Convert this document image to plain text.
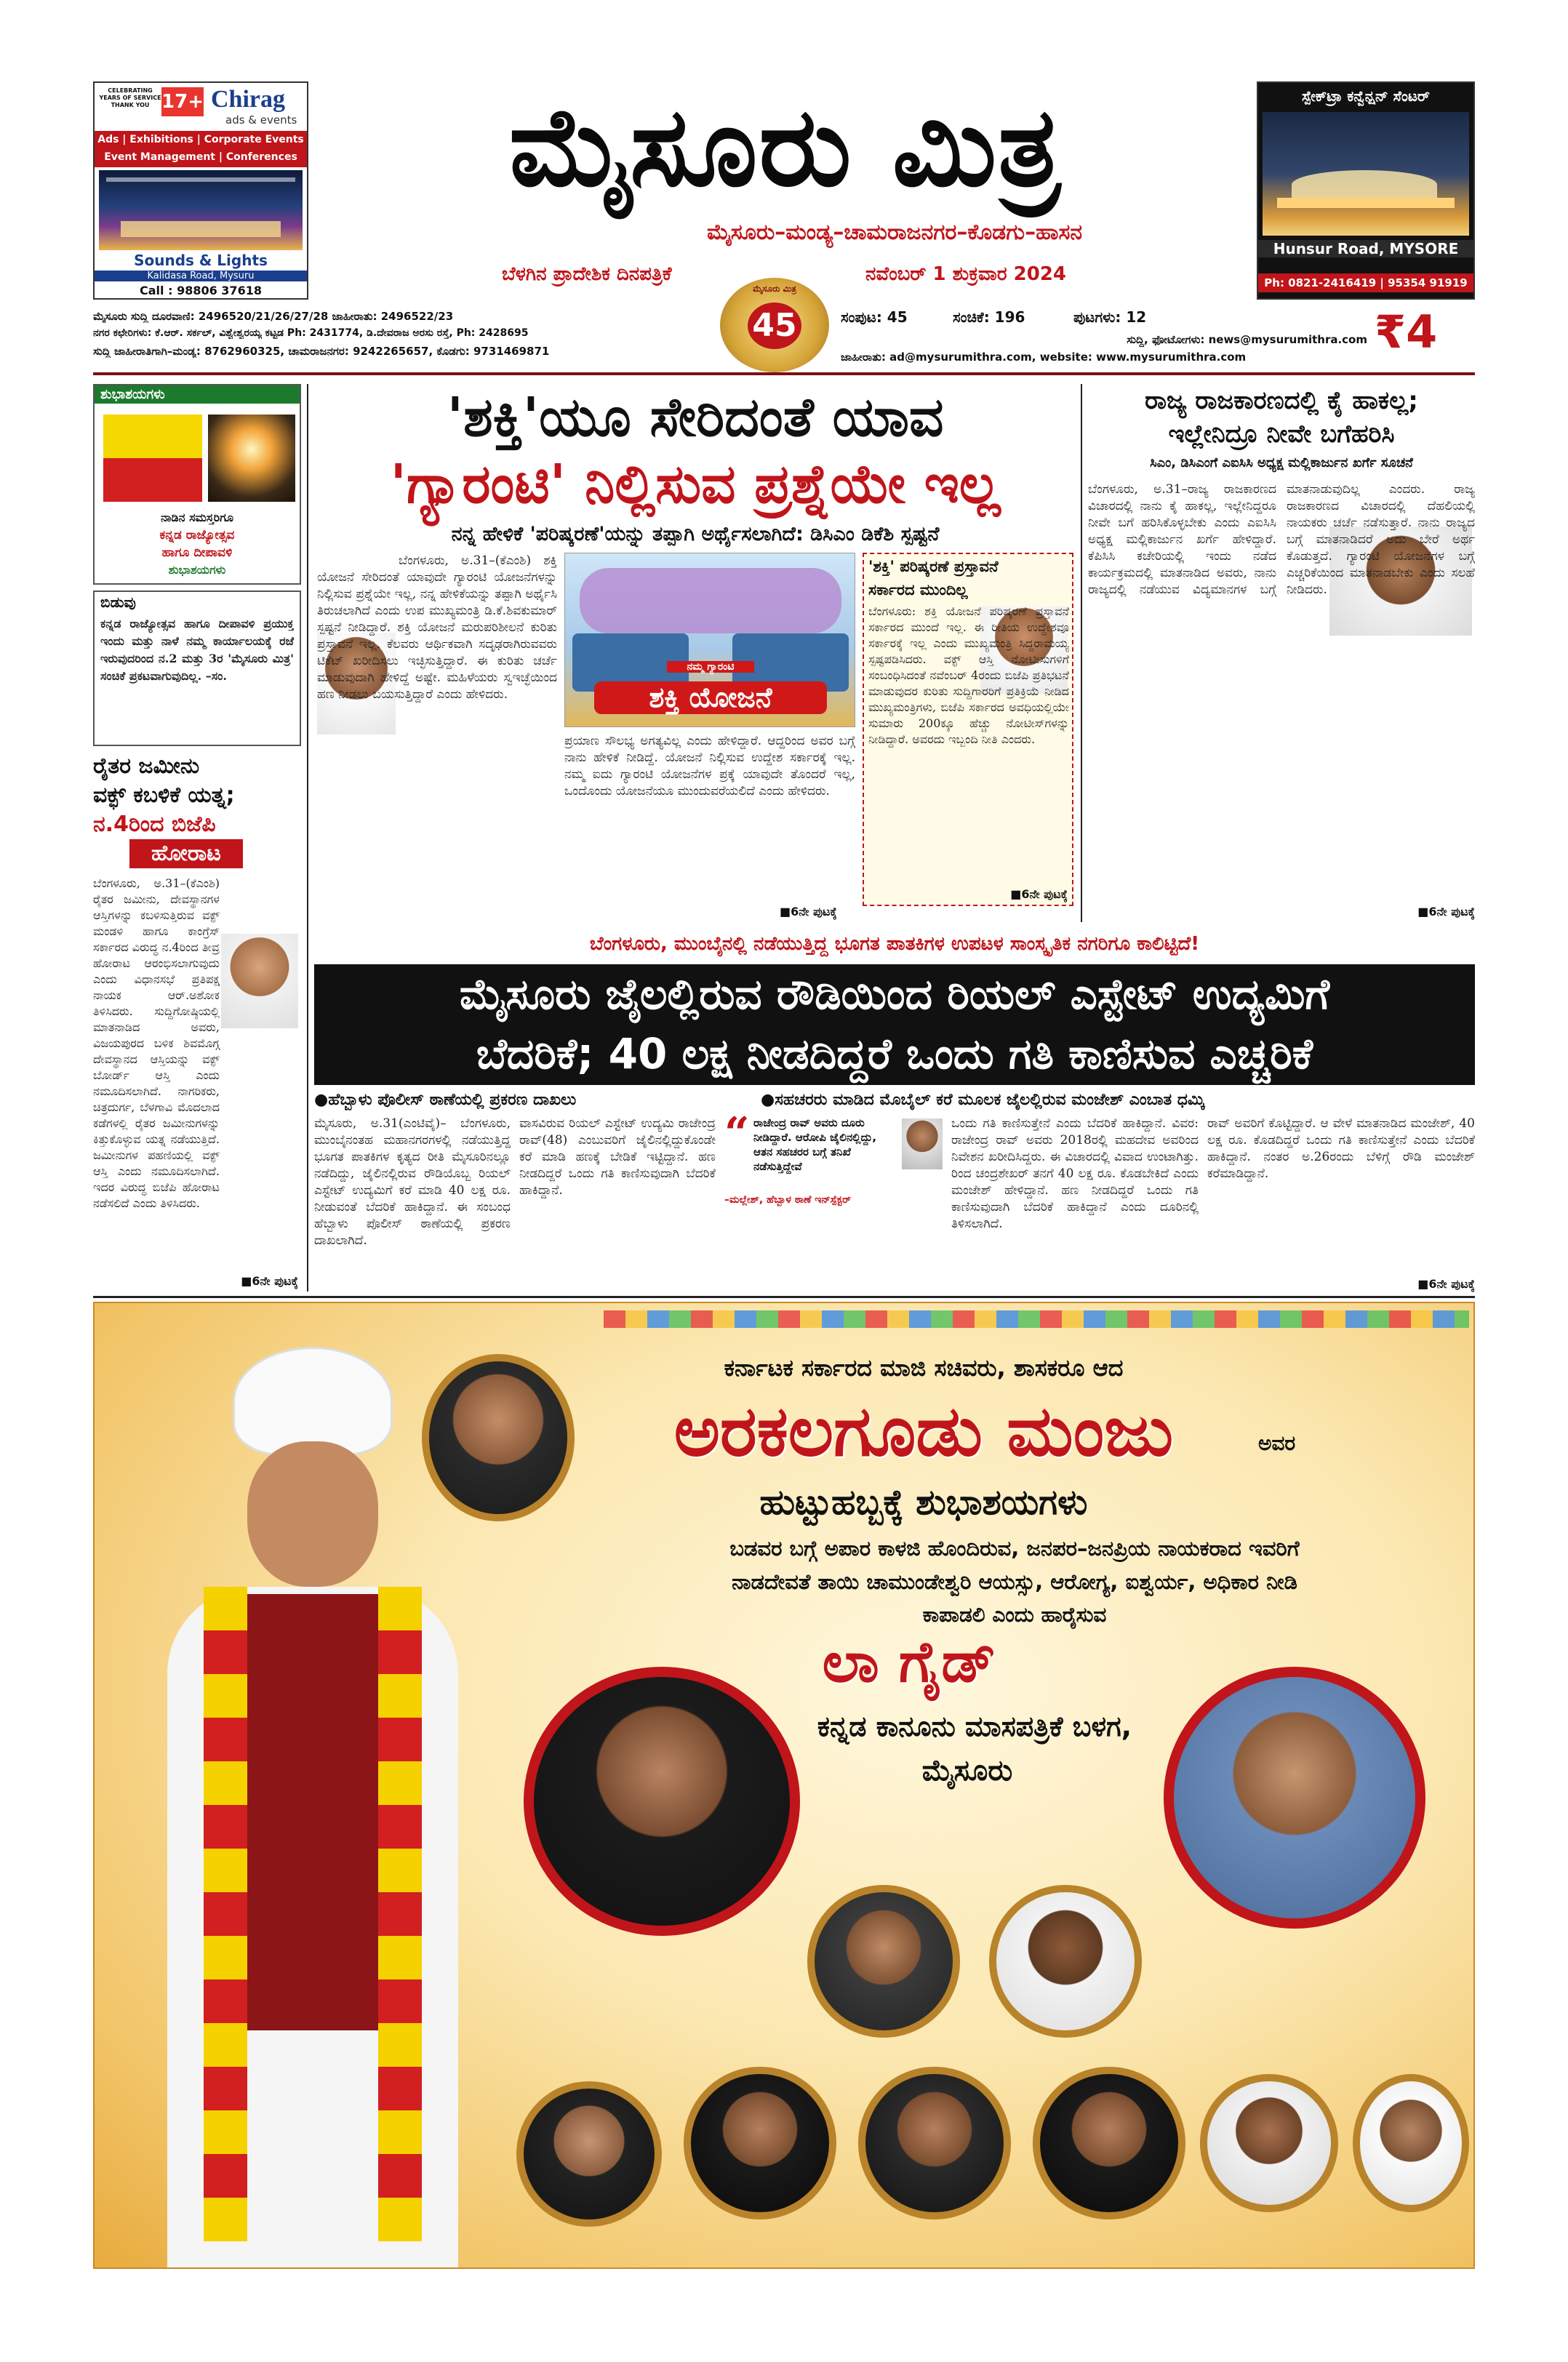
CELEBRATING YEARS OF SERVICE THANK YOU 17+ Chirag
ads & events
Ads | Exhibitions | Corporate Events
Event Management | Conferences
Sounds & Lights
Kalidasa Road, Mysuru
Call : 98806 37618
ಮೈಸೂರು ಮಿತ್ರ
ಮೈಸೂರು–ಮಂಡ್ಯ–ಚಾಮರಾಜನಗರ–ಕೊಡಗು–ಹಾಸನ
ಬೆಳಗಿನ ಪ್ರಾದೇಶಿಕ ದಿನಪತ್ರಿಕೆ	ನವೆಂಬರ್ 1 ಶುಕ್ರವಾರ 2024
ಮೈಸೂರು ಮಿತ್ರ
45
ಸ್ಪೇಕ್‌ಟ್ರಾ ಕನ್ವೆನ್ಷನ್ ಸೆಂಟರ್
Hunsur Road, MYSORE
Ph: 0821-2416419 | 95354 91919
ಮೈಸೂರು ಸುದ್ದಿ ದೂರವಾಣಿ: 2496520/21/26/27/28 ಜಾಹೀರಾತು: 2496522/23
ನಗರ ಕಛೇರಿಗಳು: ಕೆ.ಆರ್. ಸರ್ಕಲ್, ವಿಶ್ವೇಶ್ವರಯ್ಯ ಕಟ್ಟಡ Ph: 2431774, ಡಿ.ದೇವರಾಜ ಅರಸು ರಸ್ತೆ, Ph: 2428695
ಸುದ್ದಿ ಜಾಹೀರಾತಿಗಾಗಿ–ಮಂಡ್ಯ: 8762960325, ಚಾಮರಾಜನಗರ: 9242265657, ಕೊಡಗು: 9731469871
ಸಂಪುಟ: 45	ಸಂಚಿಕೆ: 196	ಪುಟಗಳು: 12	₹4
ಸುದ್ದಿ, ಫೋಟೋಗಳು: news@mysurumithra.com
ಜಾಹೀರಾತು: ad@mysurumithra.com, website: www.mysurumithra.com
ಶುಭಾಶಯಗಳು
ನಾಡಿನ ಸಮಸ್ತರಿಗೂ
ಕನ್ನಡ ರಾಜ್ಯೋತ್ಸವ
ಹಾಗೂ ದೀಪಾವಳಿ
ಶುಭಾಶಯಗಳು
ಬಿಡುವು
ಕನ್ನಡ ರಾಜ್ಯೋತ್ಸವ ಹಾಗೂ ದೀಪಾವಳಿ ಪ್ರಯುಕ್ತ ಇಂದು ಮತ್ತು ನಾಳೆ ನಮ್ಮ ಕಾರ್ಯಾಲಯಕ್ಕೆ ರಜೆ ಇರುವುದರಿಂದ ನ.2 ಮತ್ತು 3ರ 'ಮೈಸೂರು ಮಿತ್ರ' ಸಂಚಿಕೆ ಪ್ರಕಟವಾಗುವುದಿಲ್ಲ. –ಸಂ.
ರೈತರ ಜಮೀನು
ವಕ್ಫ್ ಕಬಳಿಕೆ ಯತ್ನ;
ನ.4ರಿಂದ ಬಿಜೆಪಿ
ಹೋರಾಟ
ಬೆಂಗಳೂರು, ಅ.31–(ಕೆಎಂಶಿ) ರೈತರ ಜಮೀನು, ದೇವಸ್ಥಾನಗಳ ಆಸ್ತಿಗಳನ್ನು ಕಬಳಿಸುತ್ತಿರುವ ವಕ್ಫ್ ಮಂಡಳಿ ಹಾಗೂ ಕಾಂಗ್ರೆಸ್ ಸರ್ಕಾರದ ವಿರುದ್ಧ ನ.4ರಿಂದ ತೀವ್ರ ಹೋರಾಟ ಆರಂಭಿಸಲಾಗುವುದು ಎಂದು ವಿಧಾನಸಭೆ ಪ್ರತಿಪಕ್ಷ ನಾಯಕ ಆರ್.ಅಶೋಕ ತಿಳಿಸಿದರು. ಸುದ್ದಿಗೋಷ್ಠಿಯಲ್ಲಿ ಮಾತನಾಡಿದ ಅವರು, ವಿಜಯಪುರದ ಬಳಿಕ ಶಿವಮೊಗ್ಗ ದೇವಸ್ಥಾನದ ಆಸ್ತಿಯನ್ನು ವಕ್ಫ್ ಬೋರ್ಡ್ ಆಸ್ತಿ ಎಂದು ನಮೂದಿಸಲಾಗಿದೆ. ನಾಗರಿಕರು, ಚಿತ್ರದುರ್ಗ, ಬೆಳಗಾವಿ ಮೊದಲಾದ ಕಡೆಗಳಲ್ಲಿ ರೈತರ ಜಮೀನುಗಳನ್ನು ಕಿತ್ತುಕೊಳ್ಳುವ ಯತ್ನ ನಡೆಯುತ್ತಿದೆ. ಜಮೀನುಗಳ ಪಹಣಿಯಲ್ಲಿ ವಕ್ಫ್ ಆಸ್ತಿ ಎಂದು ನಮೂದಿಸಲಾಗಿದೆ. ಇದರ ವಿರುದ್ಧ ಬಿಜೆಪಿ ಹೋರಾಟ ನಡೆಸಲಿದೆ ಎಂದು ತಿಳಿಸಿದರು.
■6ನೇ ಪುಟಕ್ಕೆ
'ಶಕ್ತಿ'ಯೂ ಸೇರಿದಂತೆ ಯಾವ
'ಗ್ಯಾರಂಟಿ' ನಿಲ್ಲಿಸುವ ಪ್ರಶ್ನೆಯೇ ಇಲ್ಲ
ನನ್ನ ಹೇಳಿಕೆ 'ಪರಿಷ್ಕರಣೆ'ಯನ್ನು ತಪ್ಪಾಗಿ ಅರ್ಥೈಸಲಾಗಿದೆ: ಡಿಸಿಎಂ ಡಿಕೆಶಿ ಸ್ಪಷ್ಟನೆ
ಬೆಂಗಳೂರು, ಅ.31–(ಕೆಎಂಶಿ) ಶಕ್ತಿ ಯೋಜನೆ ಸೇರಿದಂತೆ ಯಾವುದೇ ಗ್ಯಾರಂಟಿ ಯೋಜನೆಗಳನ್ನು ನಿಲ್ಲಿಸುವ ಪ್ರಶ್ನೆಯೇ ಇಲ್ಲ, ನನ್ನ ಹೇಳಿಕೆಯನ್ನು ತಪ್ಪಾಗಿ ಅರ್ಥೈಸಿ ತಿರುಚಲಾಗಿದೆ ಎಂದು ಉಪ ಮುಖ್ಯಮಂತ್ರಿ ಡಿ.ಕೆ.ಶಿವಕುಮಾರ್ ಸ್ಪಷ್ಟನೆ ನೀಡಿದ್ದಾರೆ. ಶಕ್ತಿ ಯೋಜನೆ ಮರುಪರಿಶೀಲನೆ ಕುರಿತು ಪ್ರಸ್ತಾವನೆ ಇಲ್ಲ. ಕೆಲವರು ಆರ್ಥಿಕವಾಗಿ ಸದೃಢರಾಗಿರುವವರು ಟಿಕೆಟ್ ಖರೀದಿಸಲು ಇಚ್ಛಿಸುತ್ತಿದ್ದಾರೆ. ಈ ಕುರಿತು ಚರ್ಚೆ ಮಾಡುವುದಾಗಿ ಹೇಳಿದ್ದೆ ಅಷ್ಟೇ. ಮಹಿಳೆಯರು ಸ್ವಇಚ್ಛೆಯಿಂದ ಹಣ ನೀಡಲು ಬಯಸುತ್ತಿದ್ದಾರೆ ಎಂದು ಹೇಳಿದರು.
ನಮ್ಮ ಗ್ಯಾರಂಟಿ
ಶಕ್ತಿ ಯೋಜನೆ
ಪ್ರಯಾಣ ಸೌಲಭ್ಯ ಅಗತ್ಯವಿಲ್ಲ ಎಂದು ಹೇಳಿದ್ದಾರೆ. ಆದ್ದರಿಂದ ಅವರ ಬಗ್ಗೆ ನಾನು ಹೇಳಿಕೆ ನೀಡಿದ್ದೆ. ಯೋಜನೆ ನಿಲ್ಲಿಸುವ ಉದ್ದೇಶ ಸರ್ಕಾರಕ್ಕೆ ಇಲ್ಲ. ನಮ್ಮ ಐದು ಗ್ಯಾರಂಟಿ ಯೋಜನೆಗಳ ಪ್ರಕ್ಕೆ ಯಾವುದೇ ತೊಂದರೆ ಇಲ್ಲ, ಒಂದೊಂದು ಯೋಜನೆಯೂ ಮುಂದುವರೆಯಲಿದೆ ಎಂದು ಹೇಳಿದರು.
'ಶಕ್ತಿ' ಪರಿಷ್ಕರಣೆ ಪ್ರಸ್ತಾವನೆ
ಸರ್ಕಾರದ ಮುಂದಿಲ್ಲ
ಬೆಂಗಳೂರು: ಶಕ್ತಿ ಯೋಜನೆ ಪರಿಷ್ಕರಣೆ ಪ್ರಸ್ತಾವನೆ ಸರ್ಕಾರದ ಮುಂದೆ ಇಲ್ಲ. ಈ ರೀತಿಯ ಉದ್ದೇಶವೂ ಸರ್ಕಾರಕ್ಕೆ ಇಲ್ಲ ಎಂದು ಮುಖ್ಯಮಂತ್ರಿ ಸಿದ್ದರಾಮಯ್ಯ ಸ್ಪಷ್ಟಪಡಿಸಿದರು. ವಕ್ಫ್ ಆಸ್ತಿ ನೋಟೀಸುಗಳಿಗೆ ಸಂಬಂಧಿಸಿದಂತೆ ನವೆಂಬರ್ 4ರಂದು ಬಿಜೆಪಿ ಪ್ರತಿಭಟನೆ ಮಾಡುವುದರ ಕುರಿತು ಸುದ್ದಿಗಾರರಿಗೆ ಪ್ರತಿಕ್ರಿಯೆ ನೀಡಿದ ಮುಖ್ಯಮಂತ್ರಿಗಳು, ಬಿಜೆಪಿ ಸರ್ಕಾರದ ಅವಧಿಯಲ್ಲಿಯೇ ಸುಮಾರು 200ಕ್ಕೂ ಹೆಚ್ಚು ನೋಟೀಸ್‌ಗಳನ್ನು ನೀಡಿದ್ದಾರೆ. ಅವರದು ಇಬ್ಬಂದಿ ನೀತಿ ಎಂದರು.
■6ನೇ ಪುಟಕ್ಕೆ
■6ನೇ ಪುಟಕ್ಕೆ
ರಾಜ್ಯ ರಾಜಕಾರಣದಲ್ಲಿ ಕೈ ಹಾಕಲ್ಲ;
ಇಲ್ಲೇನಿದ್ರೂ ನೀವೇ ಬಗೆಹರಿಸಿ
ಸಿಎಂ, ಡಿಸಿಎಂಗೆ ಎಐಸಿಸಿ ಅಧ್ಯಕ್ಷ ಮಲ್ಲಿಕಾರ್ಜುನ ಖರ್ಗೆ ಸೂಚನೆ
ಬೆಂಗಳೂರು, ಅ.31–ರಾಜ್ಯ ರಾಜಕಾರಣದ ವಿಚಾರದಲ್ಲಿ ನಾನು ಕೈ ಹಾಕಲ್ಲ, ಇಲ್ಲೇನಿದ್ದರೂ ನೀವೇ ಬಗೆ ಹರಿಸಿಕೊಳ್ಳಬೇಕು ಎಂದು ಎಐಸಿಸಿ ಅಧ್ಯಕ್ಷ ಮಲ್ಲಿಕಾರ್ಜುನ ಖರ್ಗೆ ಹೇಳಿದ್ದಾರೆ. ಕೆಪಿಸಿಸಿ ಕಚೇರಿಯಲ್ಲಿ ಇಂದು ನಡೆದ ಕಾರ್ಯಕ್ರಮದಲ್ಲಿ ಮಾತನಾಡಿದ ಅವರು, ನಾನು ರಾಜ್ಯದಲ್ಲಿ ನಡೆಯುವ ವಿದ್ಯಮಾನಗಳ ಬಗ್ಗೆ ಮಾತನಾಡುವುದಿಲ್ಲ ಎಂದರು. ರಾಜ್ಯ ರಾಜಕಾರಣದ ವಿಚಾರದಲ್ಲಿ ದೆಹಲಿಯಲ್ಲಿ ನಾಯಕರು ಚರ್ಚೆ ನಡೆಸುತ್ತಾರೆ. ನಾನು ರಾಜ್ಯದ ಬಗ್ಗೆ ಮಾತನಾಡಿದರೆ ಅದು ಬೇರೆ ಅರ್ಥ ಕೊಡುತ್ತದೆ. ಗ್ಯಾರಂಟಿ ಯೋಜನೆಗಳ ಬಗ್ಗೆ ಎಚ್ಚರಿಕೆಯಿಂದ ಮಾತನಾಡಬೇಕು ಎಂದು ಸಲಹೆ ನೀಡಿದರು.
■6ನೇ ಪುಟಕ್ಕೆ
ಬೆಂಗಳೂರು, ಮುಂಬೈನಲ್ಲಿ ನಡೆಯುತ್ತಿದ್ದ ಭೂಗತ ಪಾತಕಿಗಳ ಉಪಟಳ ಸಾಂಸ್ಕೃತಿಕ ನಗರಿಗೂ ಕಾಲಿಟ್ಟಿದೆ!
ಮೈಸೂರು ಜೈಲಲ್ಲಿರುವ ರೌಡಿಯಿಂದ ರಿಯಲ್ ಎಸ್ಟೇಟ್ ಉದ್ಯಮಿಗೆ
ಬೆದರಿಕೆ; 40 ಲಕ್ಷ ನೀಡದಿದ್ದರೆ ಒಂದು ಗತಿ ಕಾಣಿಸುವ ಎಚ್ಚರಿಕೆ
●ಹೆಬ್ಬಾಳು ಪೊಲೀಸ್ ಠಾಣೆಯಲ್ಲಿ ಪ್ರಕರಣ ದಾಖಲು	●ಸಹಚರರು ಮಾಡಿದ ಮೊಬೈಲ್ ಕರೆ ಮೂಲಕ ಜೈಲಲ್ಲಿರುವ ಮಂಜೇಶ್ ಎಂಬಾತ ಧಮ್ಕಿ
ಮೈಸೂರು, ಅ.31(ಎಂಟಿವೈ)– ಬೆಂಗಳೂರು, ಮುಂಬೈನಂತಹ ಮಹಾನಗರಗಳಲ್ಲಿ ನಡೆಯುತ್ತಿದ್ದ ಭೂಗತ ಪಾತಕಿಗಳ ಕೃತ್ಯದ ರೀತಿ ಮೈಸೂರಿನಲ್ಲೂ ನಡೆದಿದ್ದು, ಜೈಲಿನಲ್ಲಿರುವ ರೌಡಿಯೊಬ್ಬ ರಿಯಲ್ ಎಸ್ಟೇಟ್ ಉದ್ಯಮಿಗೆ ಕರೆ ಮಾಡಿ 40 ಲಕ್ಷ ರೂ. ನೀಡುವಂತೆ ಬೆದರಿಕೆ ಹಾಕಿದ್ದಾನೆ. ಈ ಸಂಬಂಧ ಹೆಬ್ಬಾಳು ಪೊಲೀಸ್ ಠಾಣೆಯಲ್ಲಿ ಪ್ರಕರಣ ದಾಖಲಾಗಿದೆ.
ವಾಸವಿರುವ ರಿಯಲ್ ಎಸ್ಟೇಟ್ ಉದ್ಯಮಿ ರಾಜೇಂದ್ರ ರಾವ್(48) ಎಂಬುವರಿಗೆ ಜೈಲಿನಲ್ಲಿದ್ದುಕೊಂಡೇ ಕರೆ ಮಾಡಿ ಹಣಕ್ಕೆ ಬೇಡಿಕೆ ಇಟ್ಟಿದ್ದಾನೆ. ಹಣ ನೀಡದಿದ್ದರೆ ಒಂದು ಗತಿ ಕಾಣಿಸುವುದಾಗಿ ಬೆದರಿಕೆ ಹಾಕಿದ್ದಾನೆ.
“ ರಾಜೇಂದ್ರ ರಾವ್ ಅವರು ದೂರು ನೀಡಿದ್ದಾರೆ. ಆರೋಪಿ ಜೈಲಿನಲ್ಲಿದ್ದು, ಆತನ ಸಹಚರರ ಬಗ್ಗೆ ತನಿಖೆ ನಡೆಸುತ್ತಿದ್ದೇವೆ
–ಮಲ್ಲೇಶ್, ಹೆಬ್ಬಾಳ ಠಾಣೆ ಇನ್‌ಸ್ಪೆಕ್ಟರ್
ಒಂದು ಗತಿ ಕಾಣಿಸುತ್ತೇನೆ ಎಂದು ಬೆದರಿಕೆ ಹಾಕಿದ್ದಾನೆ. ವಿವರ: ರಾಜೇಂದ್ರ ರಾವ್ ಅವರು 2018ರಲ್ಲಿ ಮಹದೇವ ಅವರಿಂದ ನಿವೇಶನ ಖರೀದಿಸಿದ್ದರು. ಈ ವಿಚಾರದಲ್ಲಿ ವಿವಾದ ಉಂಟಾಗಿತ್ತು. ರಿಂದ ಚಂದ್ರಶೇಖರ್ ತನಗೆ 40 ಲಕ್ಷ ರೂ. ಕೊಡಬೇಕಿದೆ ಎಂದು ಮಂಜೇಶ್ ಹೇಳಿದ್ದಾನೆ. ಹಣ ನೀಡದಿದ್ದರೆ ಒಂದು ಗತಿ ಕಾಣಿಸುವುದಾಗಿ ಬೆದರಿಕೆ ಹಾಕಿದ್ದಾನೆ ಎಂದು ದೂರಿನಲ್ಲಿ ತಿಳಿಸಲಾಗಿದೆ.
ರಾವ್ ಅವರಿಗೆ ಕೊಟ್ಟಿದ್ದಾರೆ. ಆ ವೇಳೆ ಮಾತನಾಡಿದ ಮಂಜೇಶ್, 40 ಲಕ್ಷ ರೂ. ಕೊಡದಿದ್ದರೆ ಒಂದು ಗತಿ ಕಾಣಿಸುತ್ತೇನೆ ಎಂದು ಬೆದರಿಕೆ ಹಾಕಿದ್ದಾನೆ. ನಂತರ ಅ.26ರಂದು ಬೆಳಿಗ್ಗೆ ರೌಡಿ ಮಂಜೇಶ್ ಕರೆಮಾಡಿದ್ದಾನೆ.
■6ನೇ ಪುಟಕ್ಕೆ
ಕರ್ನಾಟಕ ಸರ್ಕಾರದ ಮಾಜಿ ಸಚಿವರು, ಶಾಸಕರೂ ಆದ
ಅರಕಲಗೂಡು ಮಂಜು	ಅವರ
ಹುಟ್ಟುಹಬ್ಬಕ್ಕೆ ಶುಭಾಶಯಗಳು
ಬಡವರ ಬಗ್ಗೆ ಅಪಾರ ಕಾಳಜಿ ಹೊಂದಿರುವ, ಜನಪರ–ಜನಪ್ರಿಯ ನಾಯಕರಾದ ಇವರಿಗೆ
ನಾಡದೇವತೆ ತಾಯಿ ಚಾಮುಂಡೇಶ್ವರಿ ಆಯಸ್ಸು, ಆರೋಗ್ಯ, ಐಶ್ವರ್ಯ, ಅಧಿಕಾರ ನೀಡಿ
ಕಾಪಾಡಲಿ ಎಂದು ಹಾರೈಸುವ
ಲಾ ಗೈಡ್
ಕನ್ನಡ ಕಾನೂನು ಮಾಸಪತ್ರಿಕೆ ಬಳಗ,
ಮೈಸೂರು
